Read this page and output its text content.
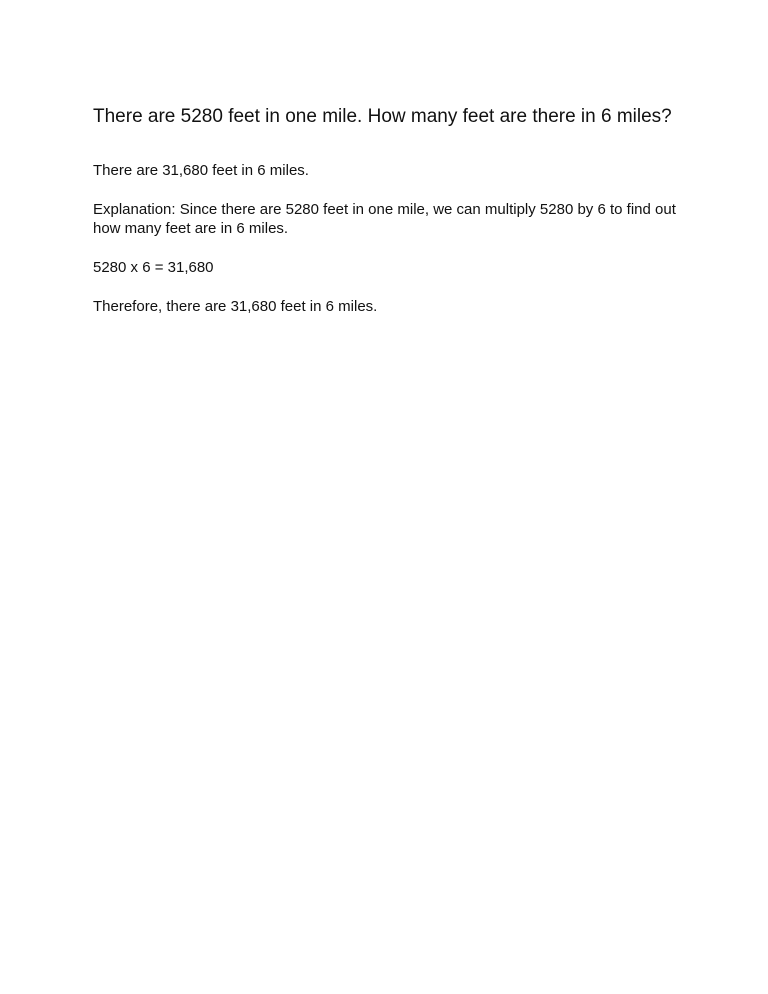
There are 5280 feet in one mile. How many feet are there in 6 miles?

There are 31,680 feet in 6 miles.

Explanation: Since there are 5280 feet in one mile, we can multiply 5280 by 6 to find out how many feet are in 6 miles.

5280 x 6 = 31,680

Therefore, there are 31,680 feet in 6 miles.
